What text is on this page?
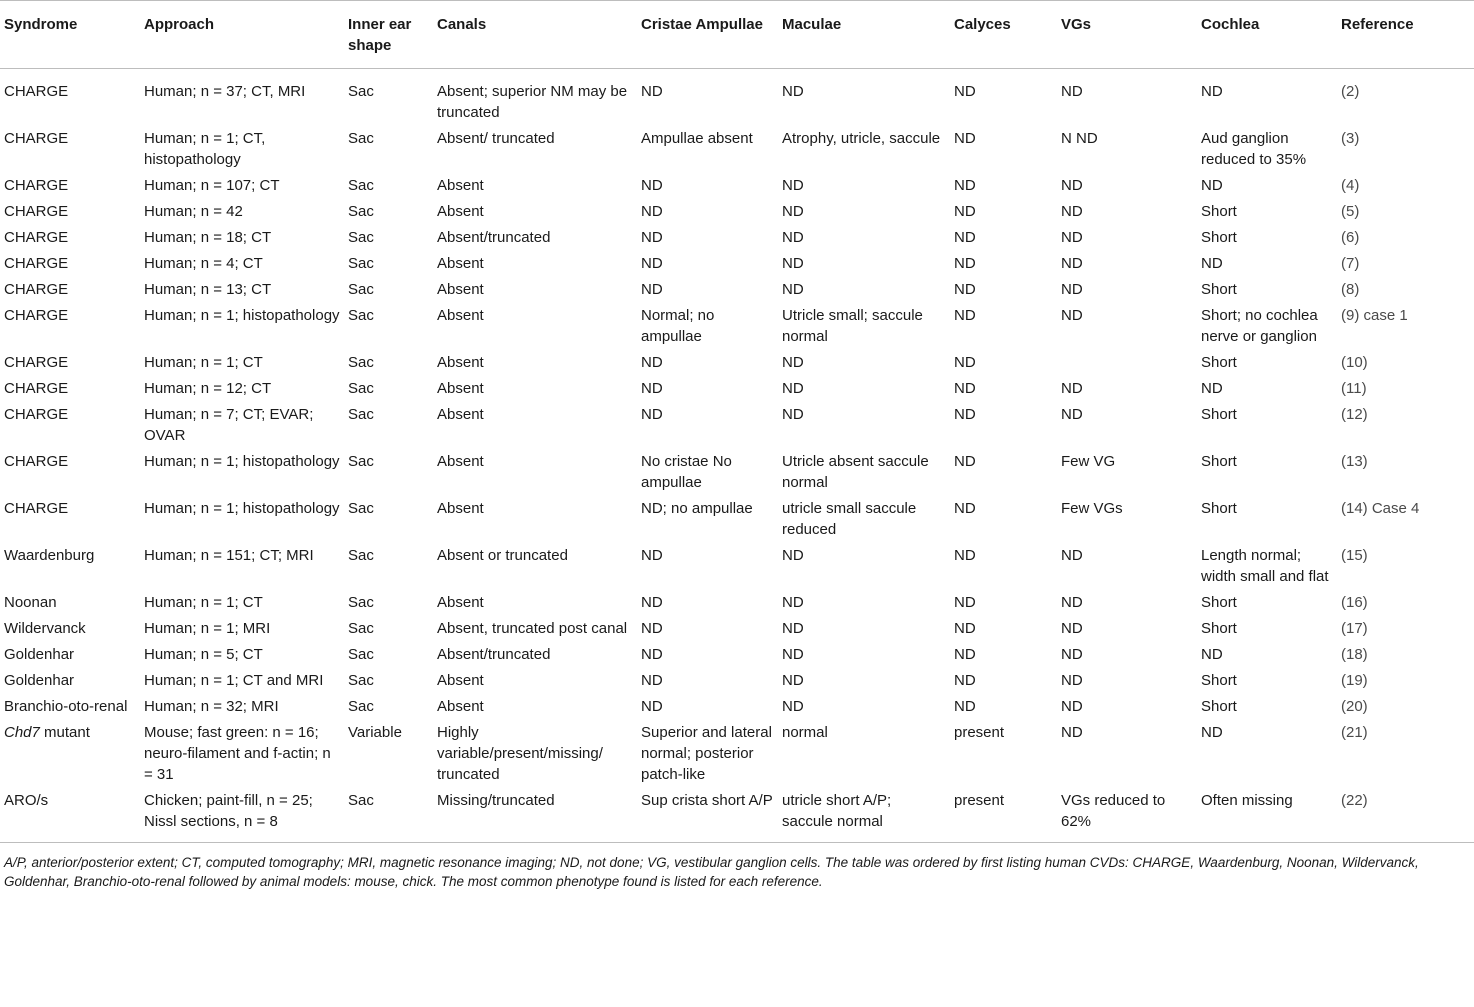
Syndrome	Approach	Inner ear shape	Canals	Cristae Ampullae	Maculae	Calyces	VGs	Cochlea	Reference
CHARGE	Human; n = 37; CT, MRI	Sac	Absent; superior NM may be truncated	ND	ND	ND	ND	ND	(2)
CHARGE	Human; n = 1; CT, histopathology	Sac	Absent/ truncated	Ampullae absent	Atrophy, utricle, saccule	ND	N ND	Aud ganglion reduced to 35%	(3)
CHARGE	Human; n = 107; CT	Sac	Absent	ND	ND	ND	ND	ND	(4)
CHARGE	Human; n = 42	Sac	Absent	ND	ND	ND	ND	Short	(5)
CHARGE	Human; n = 18; CT	Sac	Absent/truncated	ND	ND	ND	ND	Short	(6)
CHARGE	Human; n = 4; CT	Sac	Absent	ND	ND	ND	ND	ND	(7)
CHARGE	Human; n = 13; CT	Sac	Absent	ND	ND	ND	ND	Short	(8)
CHARGE	Human; n = 1; histopathology	Sac	Absent	Normal; no ampullae	Utricle small; saccule normal	ND	ND	Short; no cochlea nerve or ganglion	(9) case 1
CHARGE	Human; n = 1; CT	Sac	Absent	ND	ND	ND		Short	(10)
CHARGE	Human; n = 12; CT	Sac	Absent	ND	ND	ND	ND	ND	(11)
CHARGE	Human; n = 7; CT; EVAR; OVAR	Sac	Absent	ND	ND	ND	ND	Short	(12)
CHARGE	Human; n = 1; histopathology	Sac	Absent	No cristae No ampullae	Utricle absent saccule normal	ND	Few VG	Short	(13)
CHARGE	Human; n = 1; histopathology	Sac	Absent	ND; no ampullae	utricle small saccule reduced	ND	Few VGs	Short	(14) Case 4
Waardenburg	Human; n = 151; CT; MRI	Sac	Absent or truncated	ND	ND	ND	ND	Length normal; width small and flat	(15)
Noonan	Human; n = 1; CT	Sac	Absent	ND	ND	ND	ND	Short	(16)
Wildervanck	Human; n = 1; MRI	Sac	Absent, truncated post canal	ND	ND	ND	ND	Short	(17)
Goldenhar	Human; n = 5; CT	Sac	Absent/truncated	ND	ND	ND	ND	ND	(18)
Goldenhar	Human; n = 1; CT and MRI	Sac	Absent	ND	ND	ND	ND	Short	(19)
Branchio-oto-renal	Human; n = 32; MRI	Sac	Absent	ND	ND	ND	ND	Short	(20)
Chd7 mutant	Mouse; fast green: n = 16; neuro-filament and f-actin; n = 31	Variable	Highly variable/present/missing/ truncated	Superior and lateral normal; posterior patch-like	normal	present	ND	ND	(21)
ARO/s	Chicken; paint-fill, n = 25; Nissl sections, n = 8	Sac	Missing/truncated	Sup crista short A/P	utricle short A/P; saccule normal	present	VGs reduced to 62%	Often missing	(22)
A/P, anterior/posterior extent; CT, computed tomography; MRI, magnetic resonance imaging; ND, not done; VG, vestibular ganglion cells. The table was ordered by first listing human CVDs: CHARGE, Waardenburg, Noonan, Wildervanck, Goldenhar, Branchio-oto-renal followed by animal models: mouse, chick. The most common phenotype found is listed for each reference.
